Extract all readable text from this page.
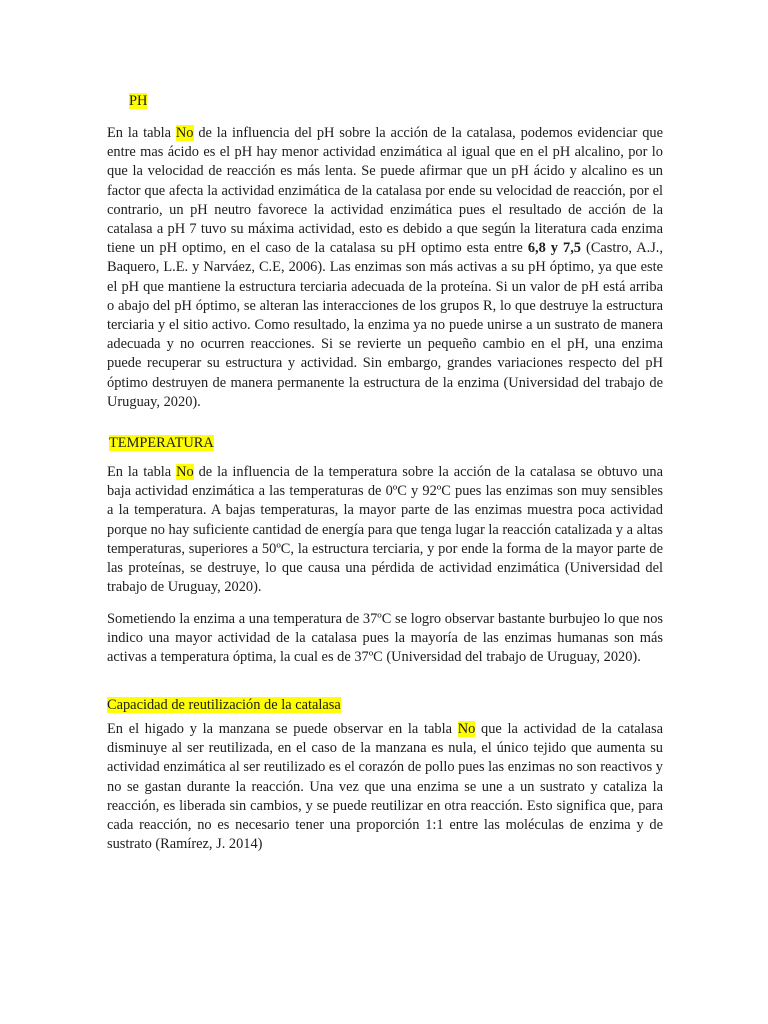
PH

En la tabla No de la influencia del pH sobre la acción de la catalasa, podemos evidenciar que entre mas ácido es el pH hay menor actividad enzimática al igual que en el pH alcalino, por lo que la velocidad de reacción es más lenta. Se puede afirmar que un pH ácido y alcalino es un factor que afecta la actividad enzimática de la catalasa por ende su velocidad de reacción, por el contrario, un pH neutro favorece la actividad enzimática pues el resultado de acción de la catalasa a pH 7 tuvo su máxima actividad, esto es debido a que según la literatura cada enzima tiene un pH optimo, en el caso de la catalasa su pH optimo esta entre 6,8 y 7,5 (Castro, A.J., Baquero, L.E. y Narváez, C.E, 2006). Las enzimas son más activas a su pH óptimo, ya que este el pH que mantiene la estructura terciaria adecuada de la proteína. Si un valor de pH está arriba o abajo del pH óptimo, se alteran las interacciones de los grupos R, lo que destruye la estructura terciaria y el sitio activo. Como resultado, la enzima ya no puede unirse a un sustrato de manera adecuada y no ocurren reacciones. Si se revierte un pequeño cambio en el pH, una enzima puede recuperar su estructura y actividad. Sin embargo, grandes variaciones respecto del pH óptimo destruyen de manera permanente la estructura de la enzima (Universidad del trabajo de Uruguay, 2020).

TEMPERATURA

En la tabla No de la influencia de la temperatura sobre la acción de la catalasa se obtuvo una baja actividad enzimática a las temperaturas de 0ºC y 92ºC pues las enzimas son muy sensibles a la temperatura. A bajas temperaturas, la mayor parte de las enzimas muestra poca actividad porque no hay suficiente cantidad de energía para que tenga lugar la reacción catalizada y a altas temperaturas, superiores a 50ºC, la estructura terciaria, y por ende la forma de la mayor parte de las proteínas, se destruye, lo que causa una pérdida de actividad enzimática (Universidad del trabajo de Uruguay, 2020).

Sometiendo la enzima a una temperatura de 37ºC se logro observar bastante burbujeo lo que nos indico una mayor actividad de la catalasa pues la mayoría de las enzimas humanas son más activas a temperatura óptima, la cual es de 37ºC (Universidad del trabajo de Uruguay, 2020).

Capacidad de reutilización de la catalasa

En el higado y la manzana se puede observar en la tabla No que la actividad de la catalasa disminuye al ser reutilizada, en el caso de la manzana es nula, el único tejido que aumenta su actividad enzimática al ser reutilizado es el corazón de pollo pues las enzimas no son reactivos y no se gastan durante la reacción. Una vez que una enzima se une a un sustrato y cataliza la reacción, es liberada sin cambios, y se puede reutilizar en otra reacción. Esto significa que, para cada reacción, no es necesario tener una proporción 1:1 entre las moléculas de enzima y de sustrato (Ramírez, J. 2014)
